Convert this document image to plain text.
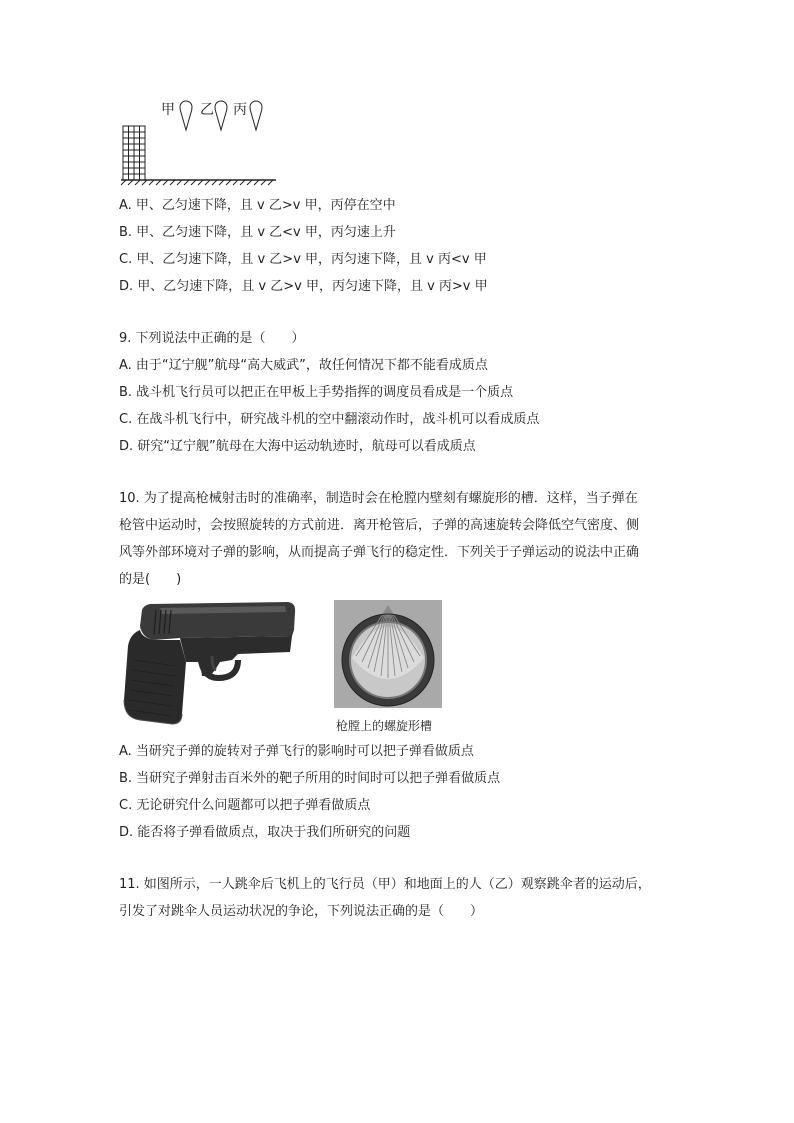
甲 乙 丙
A. 甲、乙匀速下降，且 v 乙>v 甲，丙停在空中
B. 甲、乙匀速下降，且 v 乙<v 甲，丙匀速上升
C. 甲、乙匀速下降，且 v 乙>v 甲，丙匀速下降，且 v 丙<v 甲
D. 甲、乙匀速下降，且 v 乙>v 甲，丙匀速下降，且 v 丙>v 甲
9. 下列说法中正确的是（　　）
A. 由于“辽宁舰”航母“高大威武”，故任何情况下都不能看成质点
B. 战斗机飞行员可以把正在甲板上手势指挥的调度员看成是一个质点
C. 在战斗机飞行中，研究战斗机的空中翻滚动作时，战斗机可以看成质点
D. 研究“辽宁舰”航母在大海中运动轨迹时，航母可以看成质点
10. 为了提高枪械射击时的准确率，制造时会在枪膛内壁刻有螺旋形的槽．这样，当子弹在
枪管中运动时，会按照旋转的方式前进．离开枪管后，子弹的高速旋转会降低空气密度、侧
风等外部环境对子弹的影响，从而提高子弹飞行的稳定性．下列关于子弹运动的说法中正确
的是(　　)
枪膛上的螺旋形槽
A. 当研究子弹的旋转对子弹飞行的影响时可以把子弹看做质点
B. 当研究子弹射击百米外的靶子所用的时间时可以把子弹看做质点
C. 无论研究什么问题都可以把子弹看做质点
D. 能否将子弹看做质点，取决于我们所研究的问题
11. 如图所示，一人跳伞后飞机上的飞行员（甲）和地面上的人（乙）观察跳伞者的运动后，
引发了对跳伞人员运动状况的争论，下列说法正确的是（　　）
